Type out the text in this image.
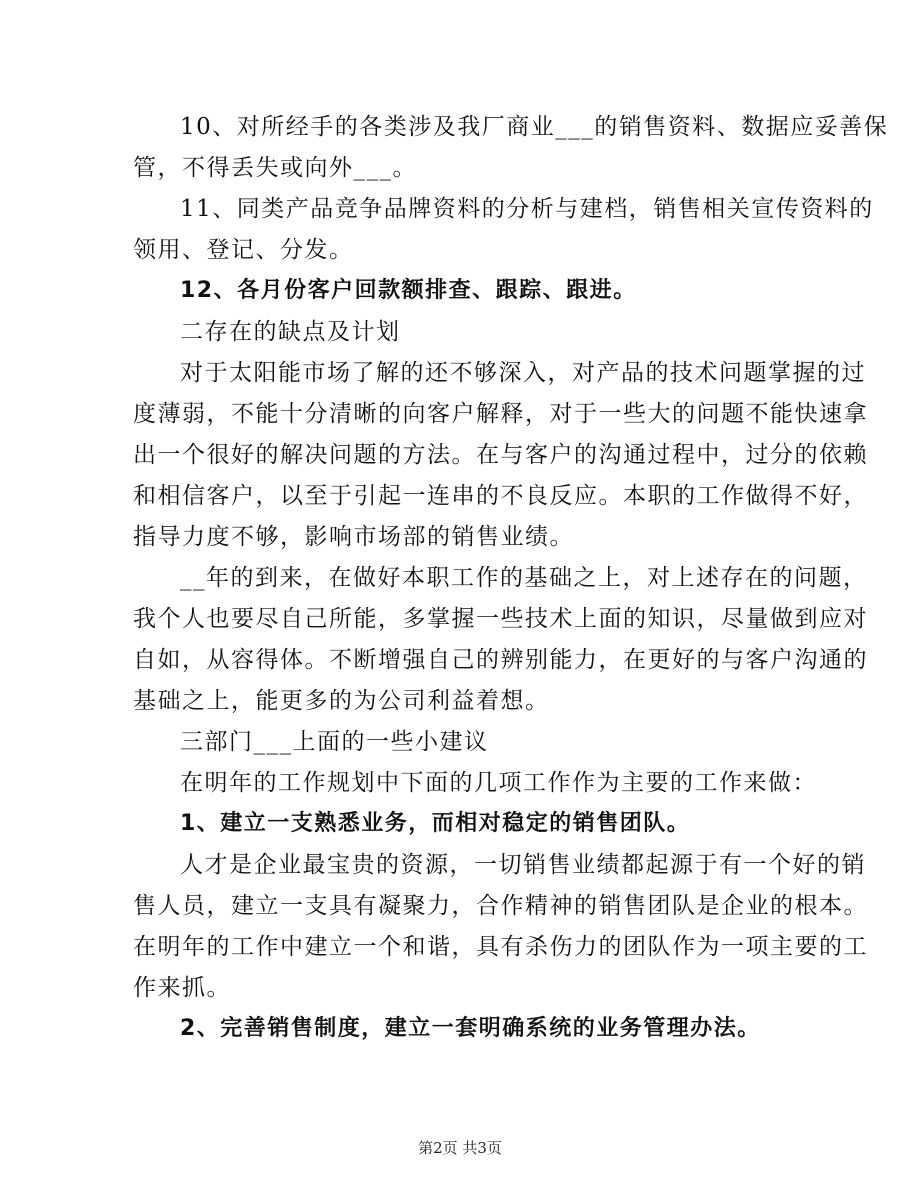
10、对所经手的各类涉及我厂商业___的销售资料、数据应妥善保
管，不得丢失或向外___。
11、同类产品竞争品牌资料的分析与建档，销售相关宣传资料的
领用、登记、分发。
12、各月份客户回款额排查、跟踪、跟进。
二存在的缺点及计划
对于太阳能市场了解的还不够深入，对产品的技术问题掌握的过
度薄弱，不能十分清晰的向客户解释，对于一些大的问题不能快速拿
出一个很好的解决问题的方法。在与客户的沟通过程中，过分的依赖
和相信客户，以至于引起一连串的不良反应。本职的工作做得不好，
指导力度不够，影响市场部的销售业绩。
__年的到来，在做好本职工作的基础之上，对上述存在的问题，
我个人也要尽自己所能，多掌握一些技术上面的知识，尽量做到应对
自如，从容得体。不断增强自己的辨别能力，在更好的与客户沟通的
基础之上，能更多的为公司利益着想。
三部门___上面的一些小建议
在明年的工作规划中下面的几项工作作为主要的工作来做：
1、建立一支熟悉业务，而相对稳定的销售团队。
人才是企业最宝贵的资源，一切销售业绩都起源于有一个好的销
售人员，建立一支具有凝聚力，合作精神的销售团队是企业的根本。
在明年的工作中建立一个和谐，具有杀伤力的团队作为一项主要的工
作来抓。
2、完善销售制度，建立一套明确系统的业务管理办法。
第2页 共3页
